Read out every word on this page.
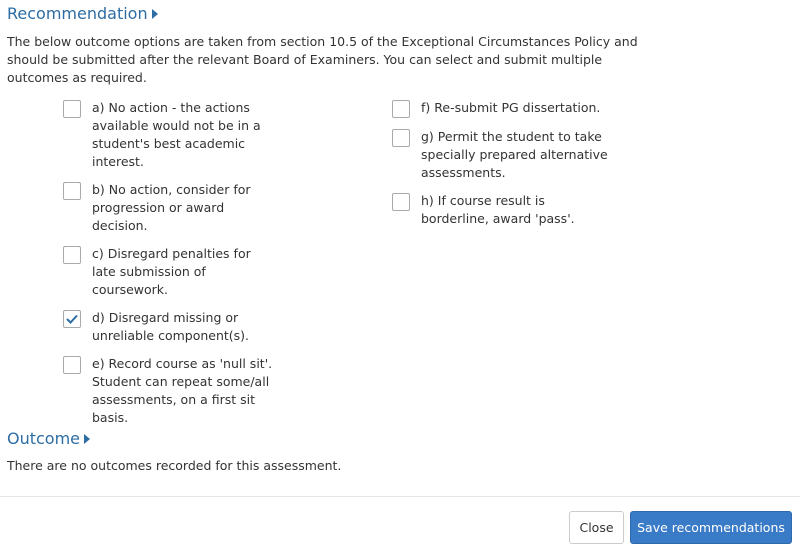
Recommendation
The below outcome options are taken from section 10.5 of the Exceptional Circumstances Policy and should be submitted after the relevant Board of Examiners. You can select and submit multiple outcomes as required.
a) No action - the actions available would not be in a student's best academic interest.
b) No action, consider for progression or award decision.
c) Disregard penalties for late submission of coursework.
d) Disregard missing or unreliable component(s).
e) Record course as 'null sit'. Student can repeat some/all assessments, on a first sit basis.
f) Re-submit PG dissertation.
g) Permit the student to take specially prepared alternative assessments.
h) If course result is borderline, award 'pass'.
Outcome
There are no outcomes recorded for this assessment.
Close	Save recommendations
